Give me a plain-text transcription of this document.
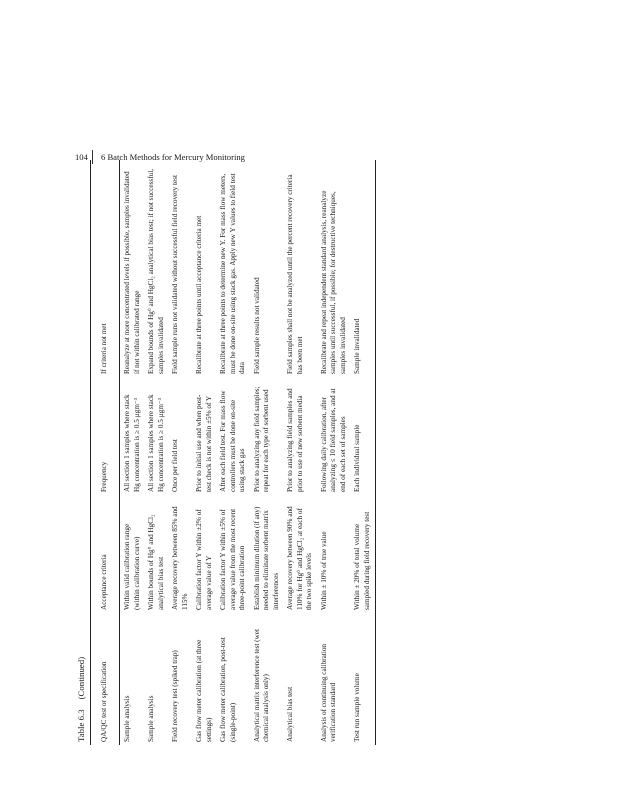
104 6 Batch Methods for Mercury Monitoring
Table 6.3(Continued) QA/QC test or specification	Acceptance criteria	Frequency	If criteria not met
Sample analysis	Within valid calibration range (within calibration curve)	All section 1 samples where stack Hg concentration is ≥ 0.5 µgm⁻³	Reanalyze at more concentrated levels if possible, samples invalidated if not within calibrated range
Sample analysis	Within bounds of Hg⁰ and HgCl₂ analytical bias test	All section 1 samples where stack Hg concentration is ≥ 0.5 µgm⁻³	Expand bounds of Hg⁰ and HgCl₂ analytical bias test; if not successful, samples invalidated
Field recovery test (spiked trap)	Average recovery between 85% and 115%	Once per field test	Field sample runs not validated without successful field recovery test
Gas flow meter calibration (at three settings)	Calibration factor Y within ±2% of average value of Y	Prior to initial use and when post-test check is not within ±5% of Y	Recalibrate at three points until acceptance criteria met
Gas flow meter calibration, post-test (single-point)	Calibration factor Y within ±5% of average value from the most recent three-point calibration	After each field test. For mass flow controllers must be done on-site using stack gas	Recalibrate at three points to determine new Y. For mass flow meters, must be done on-site using stack gas. Apply new Y values to field test data
Analytical matrix interference test (wet chemical analysis only)	Establish minimum dilution (if any) needed to eliminate sorbent matrix interferences	Prior to analyzing any field samples; repeat for each type of sorbent used	Field sample results not validated
Analytical bias test	Average recovery between 90% and 110% for Hg⁰ and HgCl₂ at each of the two spike levels	Prior to analyzing field samples and prior to use of new sorbent media	Field samples shall not be analyzed until the percent recovery criteria has been met
Analysis of continuing calibration verification standard	Within ± 10% of true value	Following daily calibration, after analyzing ≤ 10 field samples, and at end of each set of samples	Recalibrate and repeat independent standard analysis, reanalyze samples until successful, if possible; for destructive techniques, samples invalidated
Test run sample volume	Within ± 20% of total volume sampled during field recovery test	Each individual sample	Sample invalidated
